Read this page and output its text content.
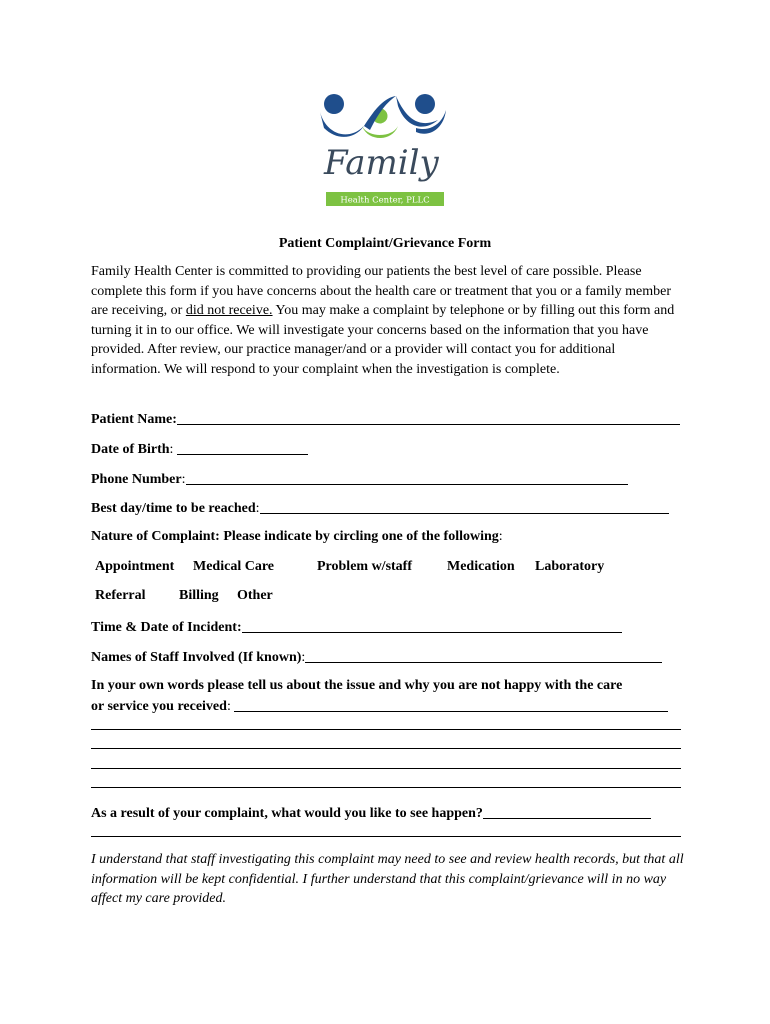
Family
Health Center, PLLC
Patient Complaint/Grievance Form
Family Health Center is committed to providing our patients the best level of care possible. Please complete this form if you have concerns about the health care or treatment that you or a family member are receiving, or did not receive. You may make a complaint by telephone or by filling out this form and turning it in to our office. We will investigate your concerns based on the information that you have provided. After review, our practice manager/and or a provider will contact you for additional information. We will respond to your complaint when the investigation is complete.
Patient Name:
Date of Birth :

Phone Number :
Best day/time to be reached :
Nature of Complaint: Please indicate by circling one of the following :
Appointment Medical Care	Problem w/staff	Medication Laboratory
Referral Billing Other
Time & Date of Incident:
Names of Staff Involved (If known) :
In your own words please tell us about the issue and why you are not happy with the care
or service you received :

As a result of your complaint, what would you like to see happen?
I understand that staff investigating this complaint may need to see and review health records, but that all information will be kept confidential. I further understand that this complaint/grievance will in no way affect my care provided.
